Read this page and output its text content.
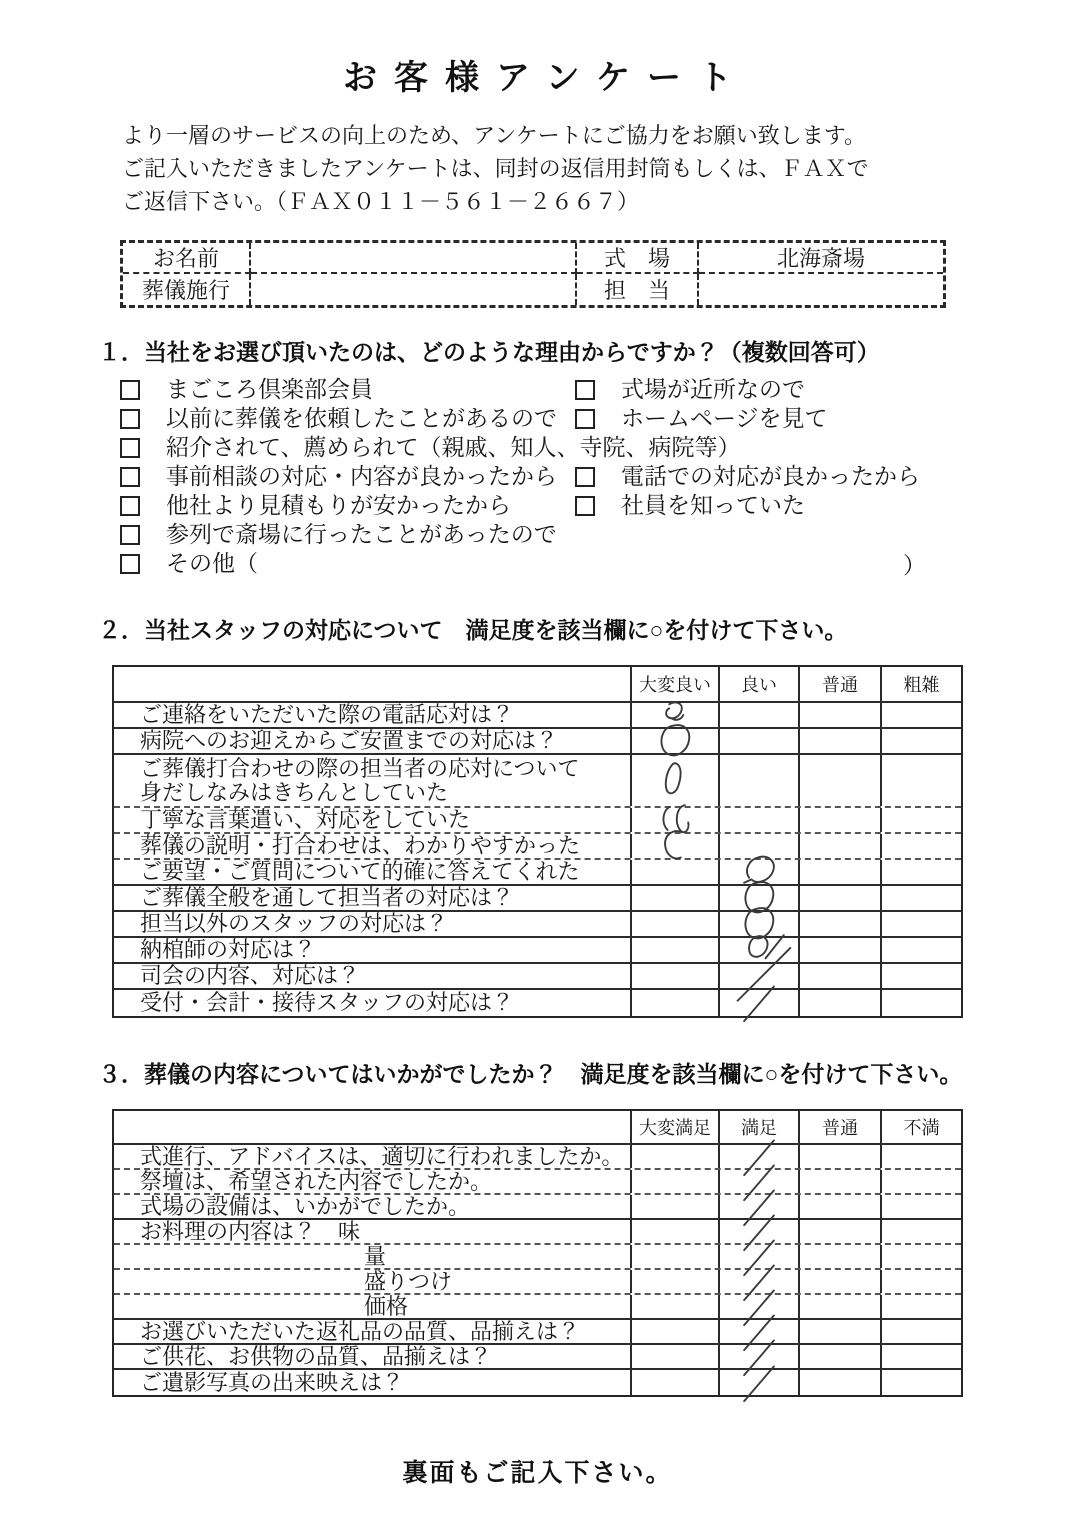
お客様アンケート
より一層のサービスの向上のため、アンケートにご協力をお願い致します。
ご記入いただきましたアンケートは、同封の返信用封筒もしくは、ＦＡＸで
ご返信下さい。（ＦＡＸ０１１－５６１－２６６７）
お名前	式　場	北海斎場
葬儀施行	担　当
１．当社をお選び頂いたのは、どのような理由からですか？（複数回答可）
まごころ倶楽部会員	式場が近所なので
以前に葬儀を依頼したことがあるので	ホームページを見て
紹介されて、薦められて（親戚、知人、寺院、病院等）
事前相談の対応・内容が良かったから	電話での対応が良かったから
他社より見積もりが安かったから	社員を知っていた
参列で斎場に行ったことがあったので
その他（	）
２．当社スタッフの対応について　満足度を該当欄に○を付けて下さい。
大変良い	良い	普通	粗雑
ご連絡をいただいた際の電話応対は？
病院へのお迎えからご安置までの対応は？
ご葬儀打合わせの際の担当者の応対について
身だしなみはきちんとしていた
丁寧な言葉遣い、対応をしていた
葬儀の説明・打合わせは、わかりやすかった
ご要望・ご質問について的確に答えてくれた
ご葬儀全般を通して担当者の対応は？
担当以外のスタッフの対応は？
納棺師の対応は？
司会の内容、対応は？
受付・会計・接待スタッフの対応は？
３．葬儀の内容についてはいかがでしたか？　満足度を該当欄に○を付けて下さい。
大変満足	満足	普通	不満
式進行、アドバイスは、適切に行われましたか。
祭壇は、希望された内容でしたか。
式場の設備は、いかがでしたか。
お料理の内容は？　味
量
盛りつけ
価格
お選びいただいた返礼品の品質、品揃えは？
ご供花、お供物の品質、品揃えは？
ご遺影写真の出来映えは？
裏面もご記入下さい。
